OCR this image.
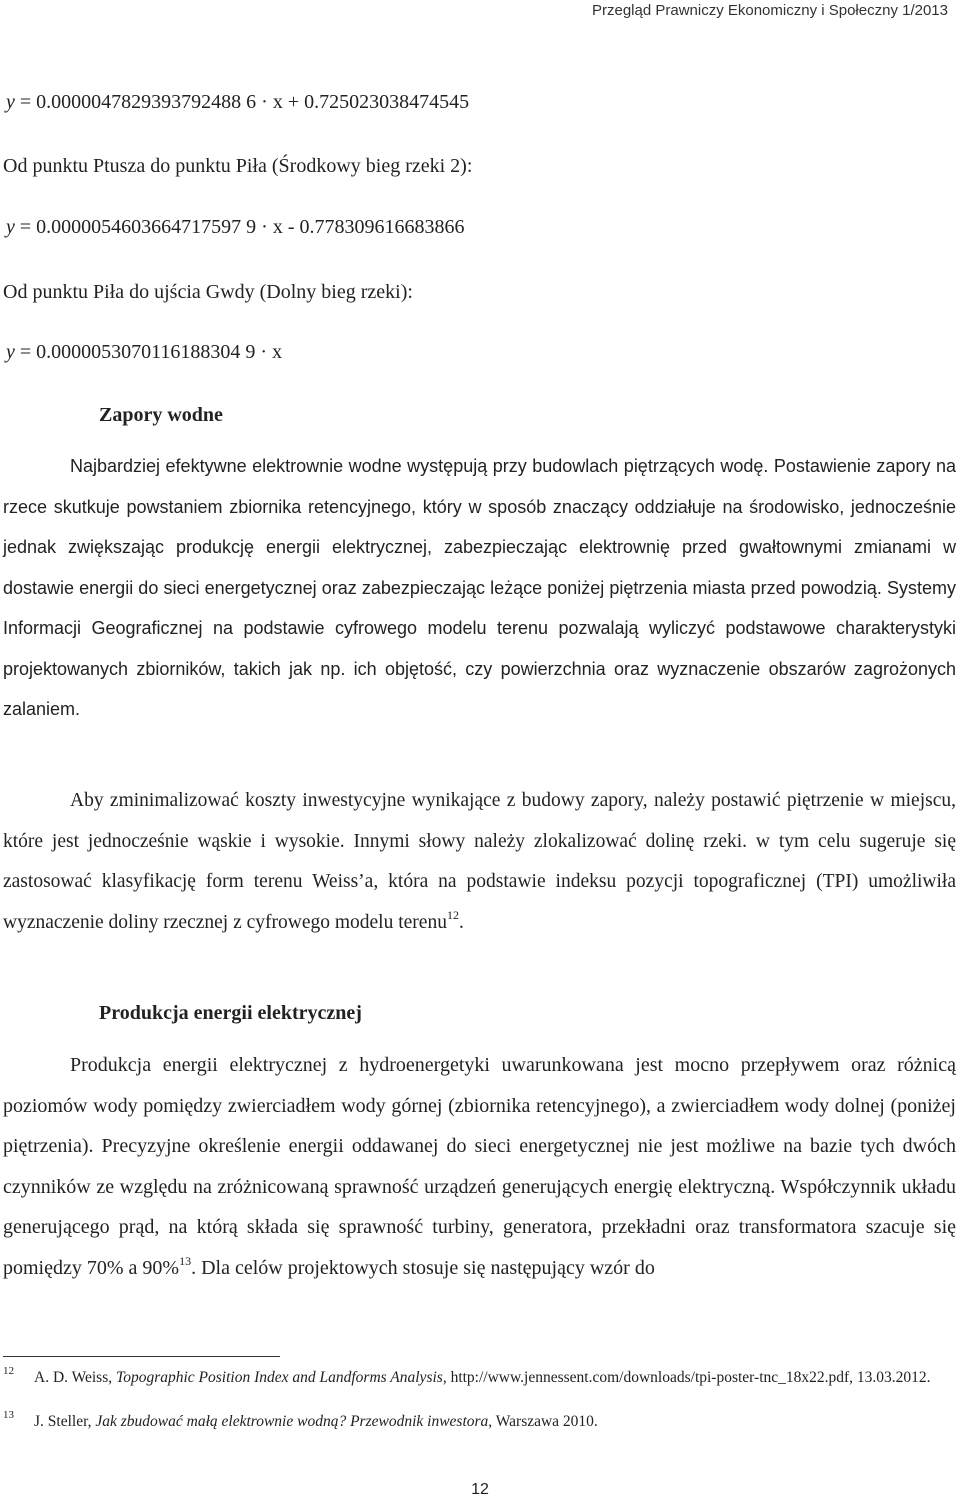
Przegląd Prawniczy Ekonomiczny i Społeczny 1/2013
y = 0.0000047829393792488 6 · x + 0.725023038474545
Od punktu Ptusza do punktu Piła (Środkowy bieg rzeki 2):
y = 0.0000054603664717597 9 · x - 0.778309616683866
Od punktu Piła do ujścia Gwdy (Dolny bieg rzeki):
y = 0.0000053070116188304 9 · x
Zapory wodne
Najbardziej efektywne elektrownie wodne występują przy budowlach piętrzących wodę. Postawienie zapory na rzece skutkuje powstaniem zbiornika retencyjnego, który w sposób znaczący oddziałuje na środowisko, jednocześnie jednak zwiększając produkcję energii elektrycznej, zabezpieczając elektrownię przed gwałtownymi zmianami w dostawie energii do sieci energetycznej oraz zabezpieczając leżące poniżej piętrzenia miasta przed powodzią. Systemy Informacji Geograficznej na podstawie cyfrowego modelu terenu pozwalają wyliczyć podstawowe charakterystyki projektowanych zbiorników, takich jak np. ich objętość, czy powierzchnia oraz wyznaczenie obszarów zagrożonych zalaniem.
Aby zminimalizować koszty inwestycyjne wynikające z budowy zapory, należy postawić piętrzenie w miejscu, które jest jednocześnie wąskie i wysokie. Innymi słowy należy zlokalizować dolinę rzeki. w tym celu sugeruje się zastosować klasyfikację form terenu Weiss’a, która na podstawie indeksu pozycji topograficznej (TPI) umożliwiła wyznaczenie doliny rzecznej z cyfrowego modelu terenu$^{12}$.
Produkcja energii elektrycznej
Produkcja energii elektrycznej z hydroenergetyki uwarunkowana jest mocno przepływem oraz różnicą poziomów wody pomiędzy zwierciadłem wody górnej (zbiornika retencyjnego), a zwierciadłem wody dolnej (poniżej piętrzenia). Precyzyjne określenie energii oddawanej do sieci energetycznej nie jest możliwe na bazie tych dwóch czynników ze względu na zróżnicowaną sprawność urządzeń generujących energię elektryczną. Współczynnik układu generującego prąd, na którą składa się sprawność turbiny, generatora, przekładni oraz transformatora szacuje się pomiędzy 70% a 90%$^{13}$. Dla celów projektowych stosuje się następujący wzór do
12 A. D. Weiss, Topographic Position Index and Landforms Analysis, http://www.jennessent.com/downloads/tpi-poster-tnc_18x22.pdf, 13.03.2012.
13 J. Steller, Jak zbudować małą elektrownie wodną? Przewodnik inwestora, Warszawa 2010.
12
